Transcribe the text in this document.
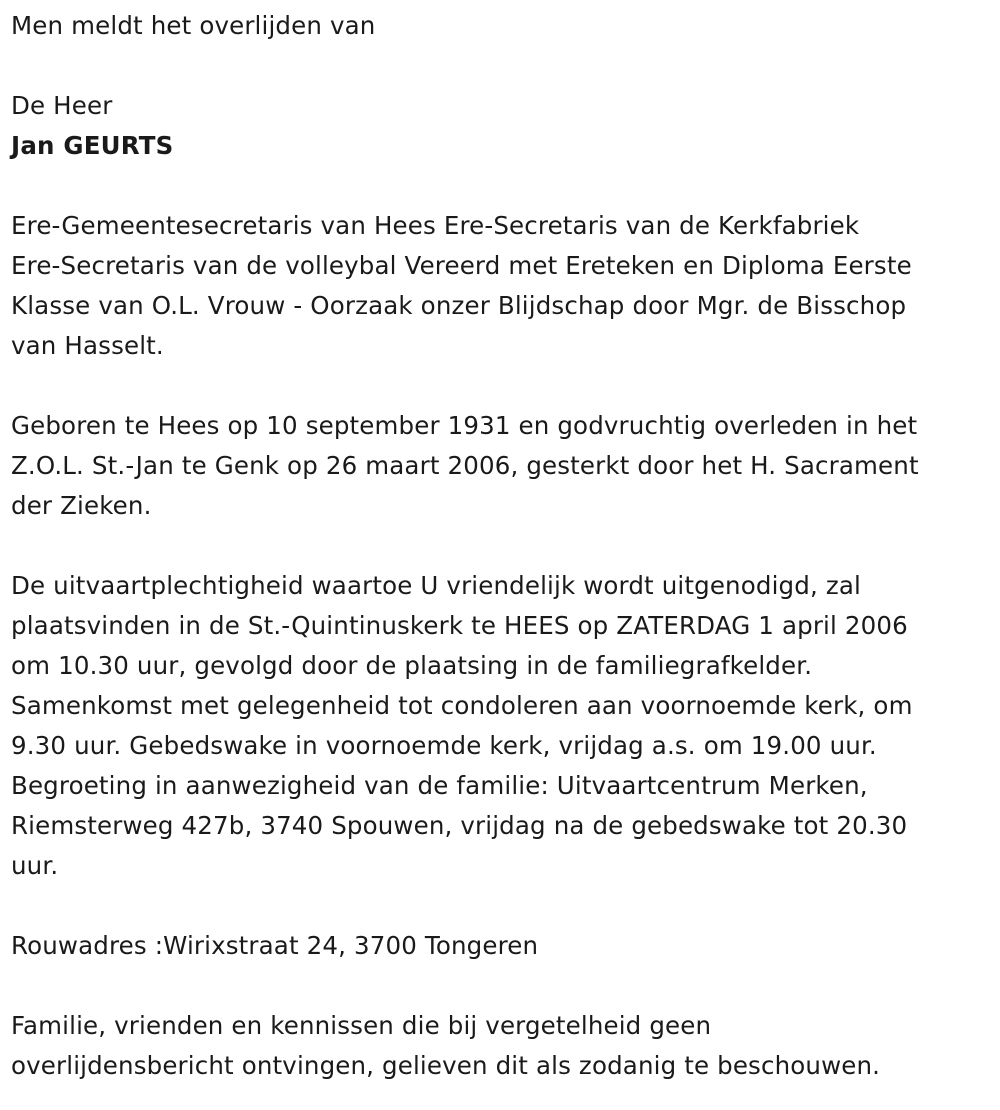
Men meldt het overlijden van

De Heer

Jan GEURTS

Ere-Gemeentesecretaris van Hees Ere-Secretaris van de Kerkfabriek
Ere-Secretaris van de volleybal Vereerd met Ereteken en Diploma Eerste
Klasse van O.L. Vrouw - Oorzaak onzer Blijdschap door Mgr. de Bisschop
van Hasselt.

Geboren te Hees op 10 september 1931 en godvruchtig overleden in het
Z.O.L. St.-Jan te Genk op 26 maart 2006, gesterkt door het H. Sacrament
der Zieken.

De uitvaartplechtigheid waartoe U vriendelijk wordt uitgenodigd, zal
plaatsvinden in de St.-Quintinuskerk te HEES op ZATERDAG 1 april 2006
om 10.30 uur, gevolgd door de plaatsing in de familiegrafkelder.
Samenkomst met gelegenheid tot condoleren aan voornoemde kerk, om
9.30 uur. Gebedswake in voornoemde kerk, vrijdag a.s. om 19.00 uur.
Begroeting in aanwezigheid van de familie: Uitvaartcentrum Merken,
Riemsterweg 427b, 3740 Spouwen, vrijdag na de gebedswake tot 20.30
uur.

Rouwadres :Wirixstraat 24, 3700 Tongeren

Familie, vrienden en kennissen die bij vergetelheid geen
overlijdensbericht ontvingen, gelieven dit als zodanig te beschouwen.
